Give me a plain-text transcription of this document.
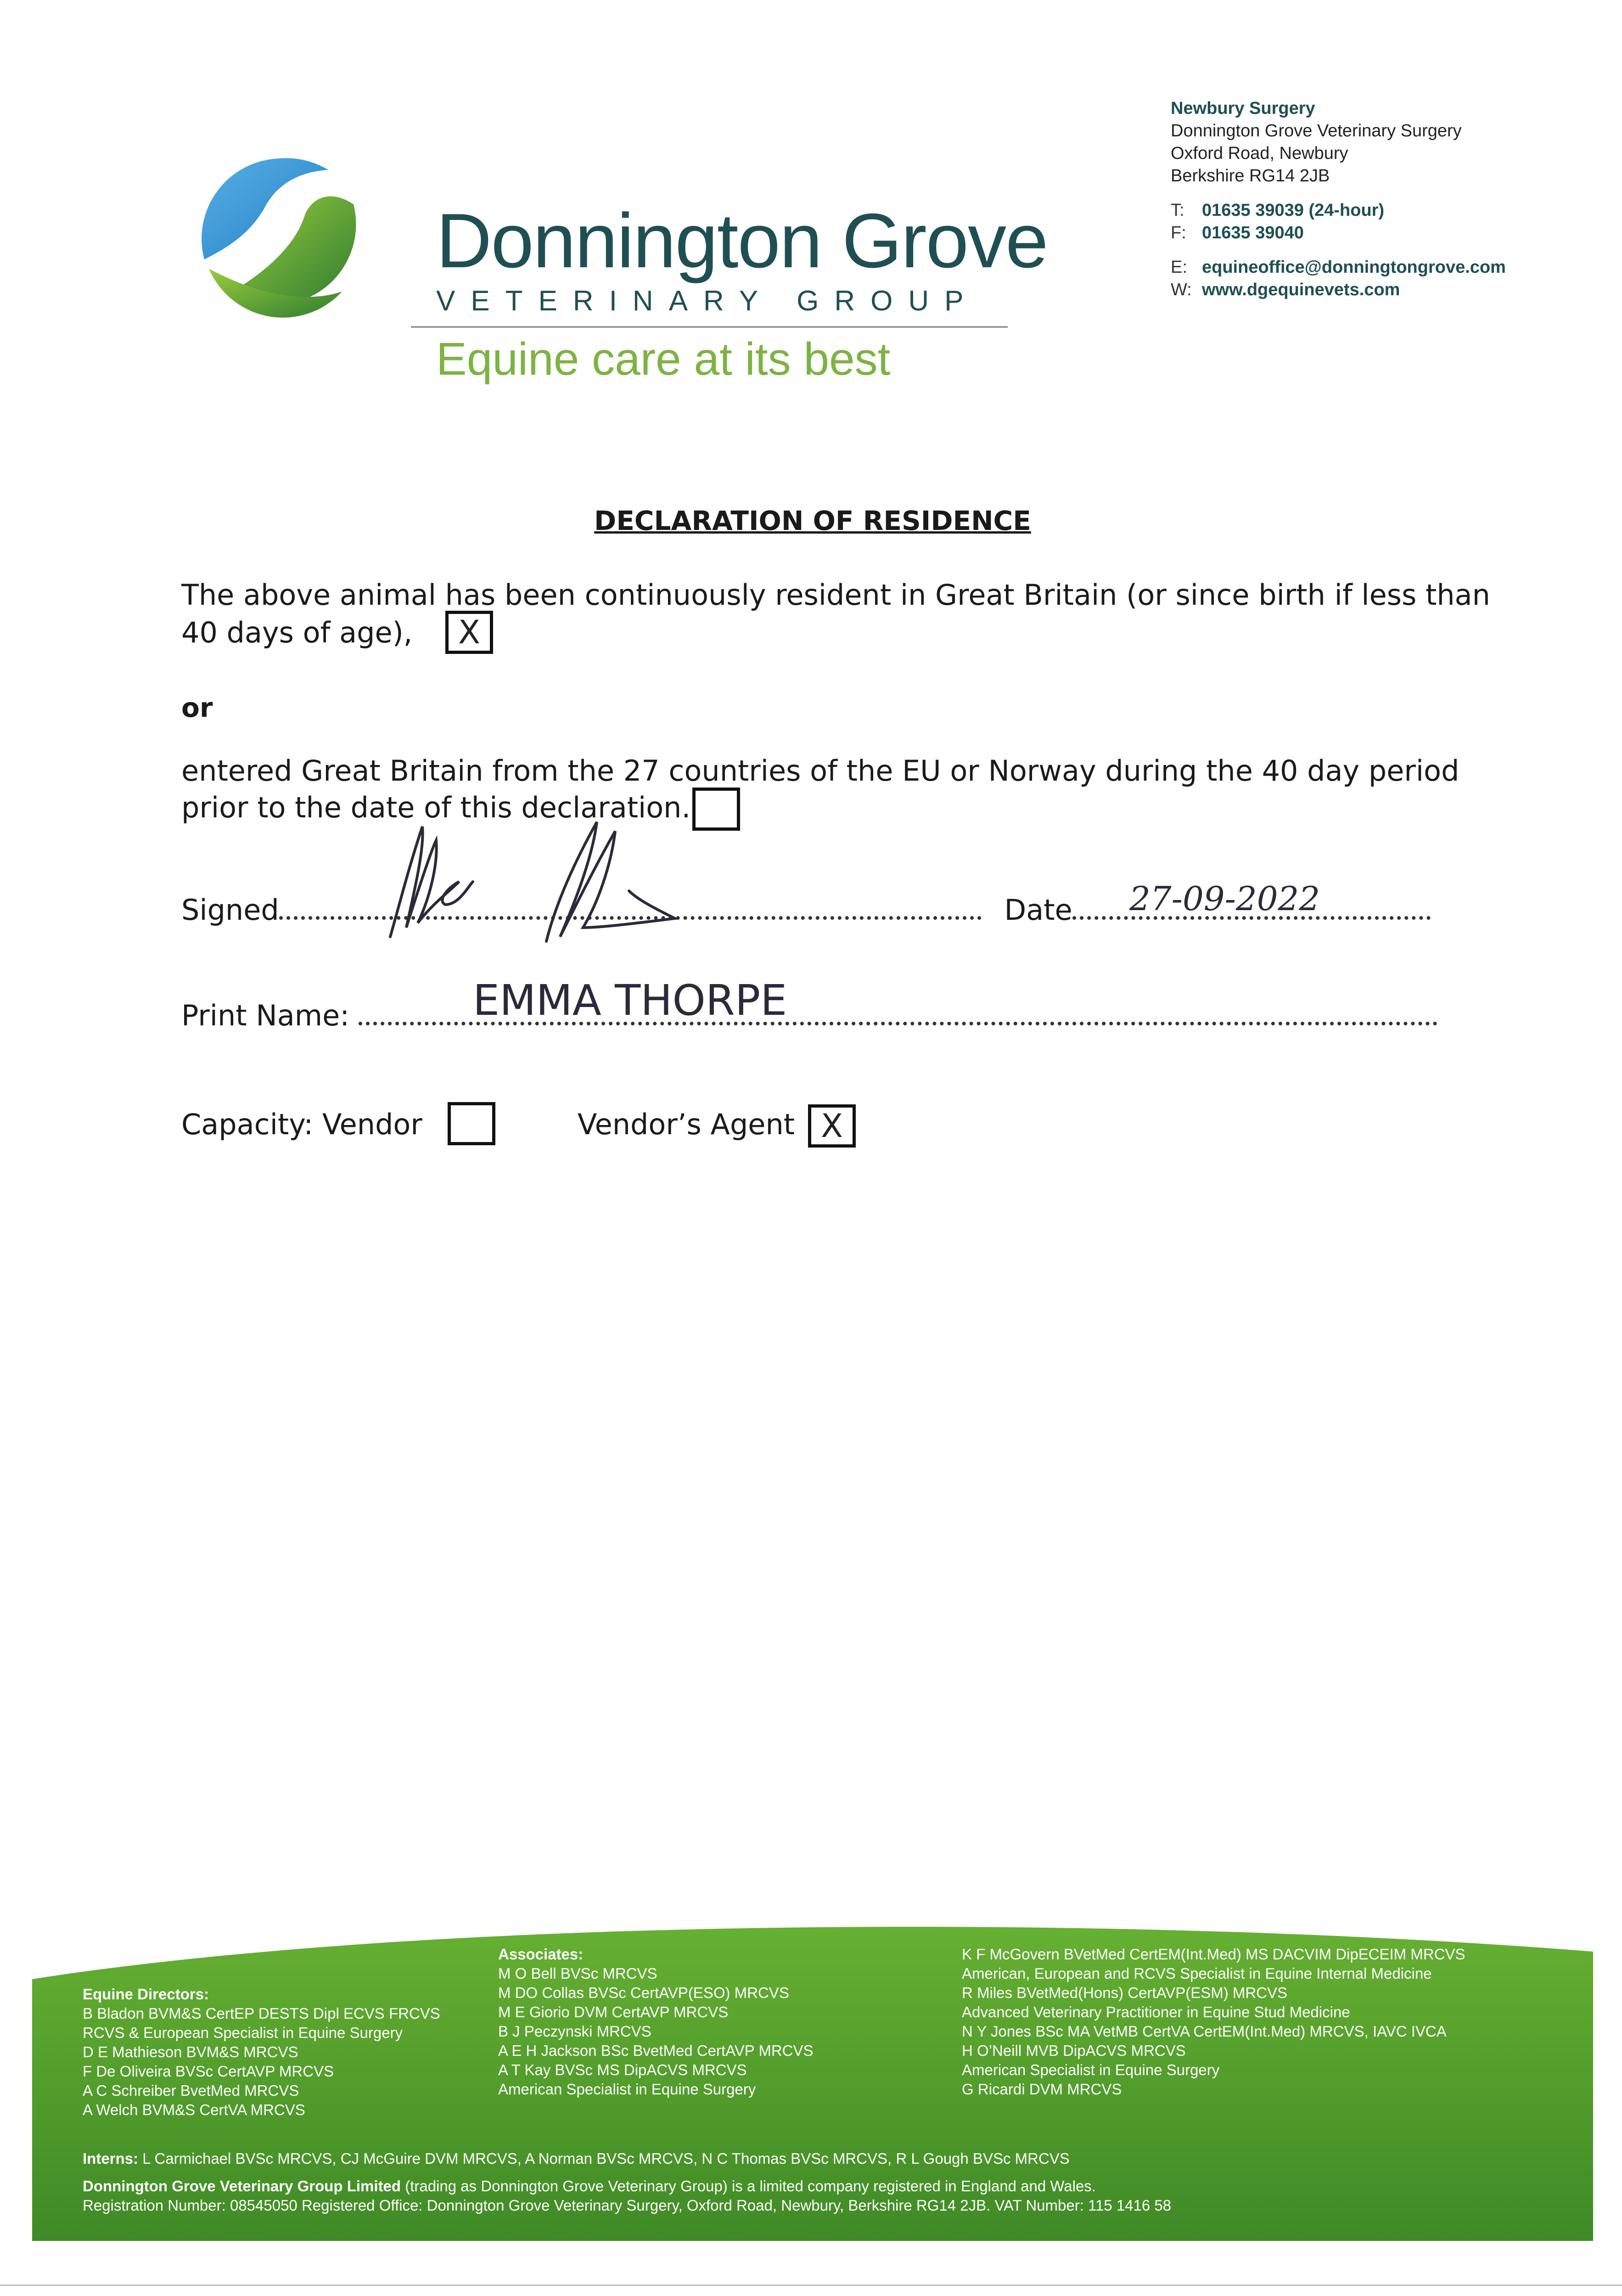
Donnington Grove
VETERINARY GROUP
Equine care at its best
Newbury Surgery
Donnington Grove Veterinary Surgery
Oxford Road, Newbury
Berkshire RG14 2JB
T: 01635 39039 (24-hour)
F: 01635 39040
E: equineoffice@donningtongrove.com
W: www.dgequinevets.com
DECLARATION OF RESIDENCE
The above animal has been continuously resident in Great Britain (or since birth if less than
40 days of age),	X
or
entered Great Britain from the 27 countries of the EU or Norway during the 40 day period
prior to the date of this declaration.
Signed	Date	27-09-2022
Print Name:	EMMA THORPE
Capacity: Vendor	Vendor’s Agent X
Equine Directors:
B Bladon BVM&S CertEP DESTS Dipl ECVS FRCVS
RCVS & European Specialist in Equine Surgery
D E Mathieson BVM&S MRCVS
F De Oliveira BVSc CertAVP MRCVS
A C Schreiber BvetMed MRCVS
A Welch BVM&S CertVA MRCVS
Associates:
M O Bell BVSc MRCVS
M DO Collas BVSc CertAVP(ESO) MRCVS
M E Giorio DVM CertAVP MRCVS
B J Peczynski MRCVS
A E H Jackson BSc BvetMed CertAVP MRCVS
A T Kay BVSc MS DipACVS MRCVS
American Specialist in Equine Surgery
K F McGovern BVetMed CertEM(Int.Med) MS DACVIM DipECEIM MRCVS
American, European and RCVS Specialist in Equine Internal Medicine
R Miles BVetMed(Hons) CertAVP(ESM) MRCVS
Advanced Veterinary Practitioner in Equine Stud Medicine
N Y Jones BSc MA VetMB CertVA CertEM(Int.Med) MRCVS, IAVC IVCA
H O’Neill MVB DipACVS MRCVS
American Specialist in Equine Surgery
G Ricardi DVM MRCVS
Interns: L Carmichael BVSc MRCVS, CJ McGuire DVM MRCVS, A Norman BVSc MRCVS, N C Thomas BVSc MRCVS, R L Gough BVSc MRCVS
Donnington Grove Veterinary Group Limited (trading as Donnington Grove Veterinary Group) is a limited company registered in England and Wales.
Registration Number: 08545050 Registered Office: Donnington Grove Veterinary Surgery, Oxford Road, Newbury, Berkshire RG14 2JB. VAT Number: 115 1416 58
